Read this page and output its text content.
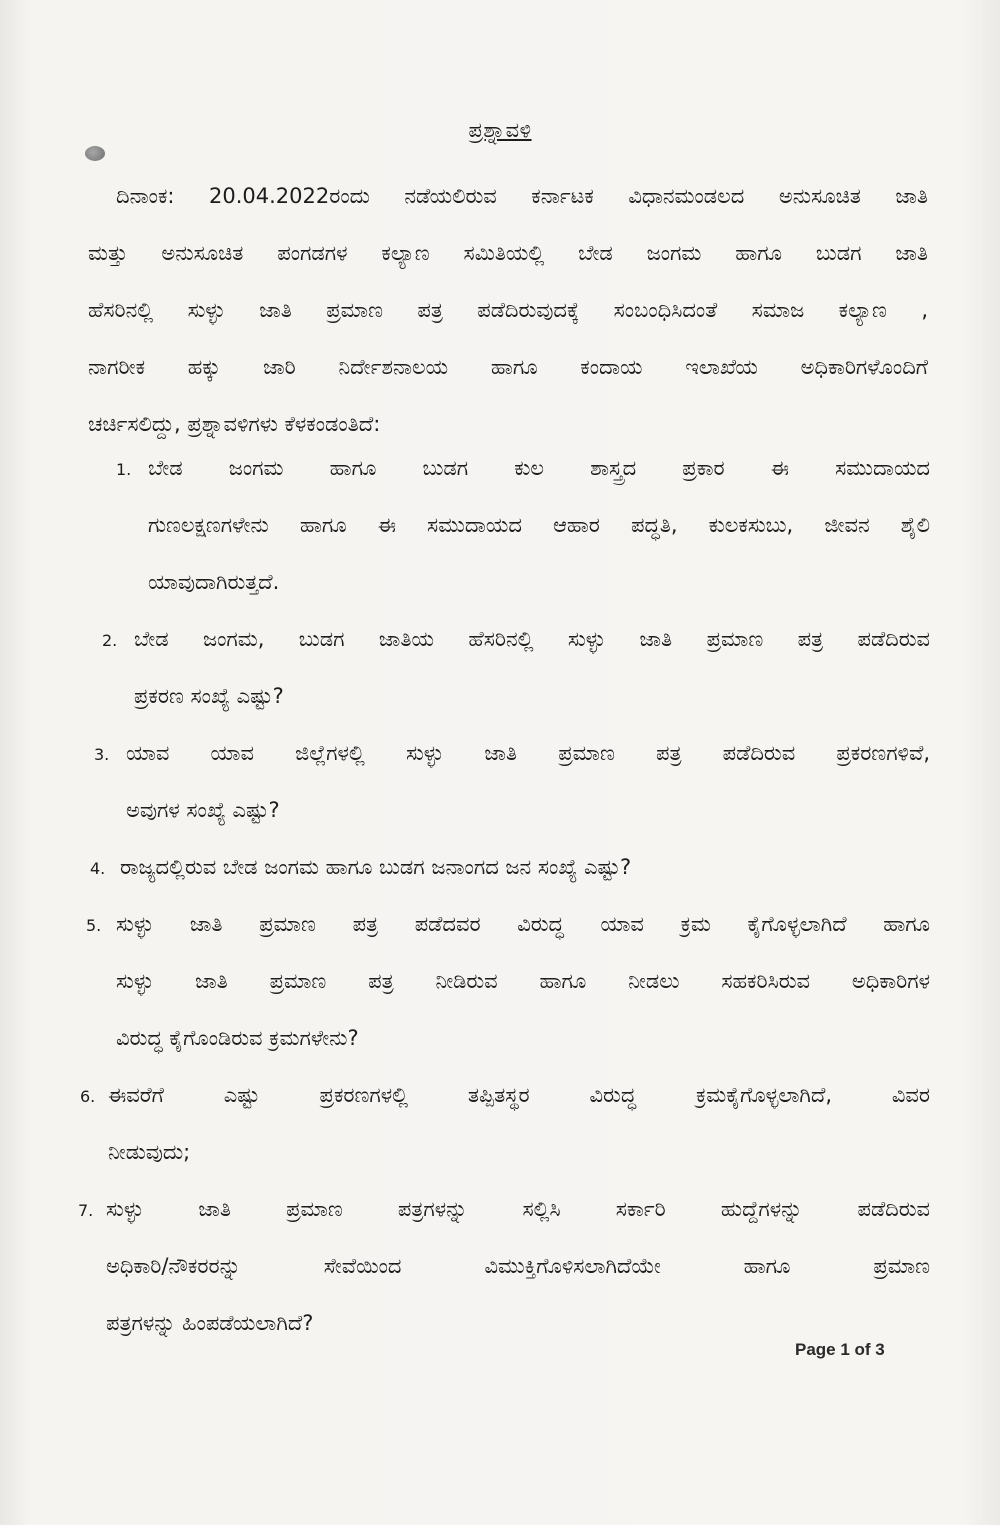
ಪ್ರಶ್ನಾವಳಿ
ದಿನಾಂಕ: 20.04.2022ರಂದು ನಡೆಯಲಿರುವ ಕರ್ನಾಟಕ ವಿಧಾನಮಂಡಲದ ಅನುಸೂಚಿತ ಜಾತಿ
ಮತ್ತು ಅನುಸೂಚಿತ ಪಂಗಡಗಳ ಕಲ್ಯಾಣ ಸಮಿತಿಯಲ್ಲಿ ಬೇಡ ಜಂಗಮ ಹಾಗೂ ಬುಡಗ ಜಾತಿ
ಹೆಸರಿನಲ್ಲಿ ಸುಳ್ಳು ಜಾತಿ ಪ್ರಮಾಣ ಪತ್ರ ಪಡೆದಿರುವುದಕ್ಕೆ ಸಂಬಂಧಿಸಿದಂತೆ ಸಮಾಜ ಕಲ್ಯಾಣ ,
ನಾಗರೀಕ ಹಕ್ಕು ಜಾರಿ ನಿರ್ದೇಶನಾಲಯ ಹಾಗೂ ಕಂದಾಯ ಇಲಾಖೆಯ ಅಧಿಕಾರಿಗಳೊಂದಿಗೆ
ಚರ್ಚಿಸಲಿದ್ದು, ಪ್ರಶ್ನಾವಳಿಗಳು ಕೆಳಕಂಡಂತಿದೆ:
1. ಬೇಡ ಜಂಗಮ ಹಾಗೂ ಬುಡಗ ಕುಲ ಶಾಸ್ತ್ರದ ಪ್ರಕಾರ ಈ ಸಮುದಾಯದ
ಗುಣಲಕ್ಷಣಗಳೇನು ಹಾಗೂ ಈ ಸಮುದಾಯದ ಆಹಾರ ಪದ್ಧತಿ, ಕುಲಕಸುಬು, ಜೀವನ ಶೈಲಿ
ಯಾವುದಾಗಿರುತ್ತದೆ.
2. ಬೇಡ ಜಂಗಮ, ಬುಡಗ ಜಾತಿಯ ಹೆಸರಿನಲ್ಲಿ ಸುಳ್ಳು ಜಾತಿ ಪ್ರಮಾಣ ಪತ್ರ ಪಡೆದಿರುವ
ಪ್ರಕರಣ ಸಂಖ್ಯೆ ಎಷ್ಟು?
3. ಯಾವ ಯಾವ ಜಿಲ್ಲೆಗಳಲ್ಲಿ ಸುಳ್ಳು ಜಾತಿ ಪ್ರಮಾಣ ಪತ್ರ ಪಡೆದಿರುವ ಪ್ರಕರಣಗಳಿವೆ,
ಅವುಗಳ ಸಂಖ್ಯೆ ಎಷ್ಟು?
4. ರಾಜ್ಯದಲ್ಲಿರುವ ಬೇಡ ಜಂಗಮ ಹಾಗೂ ಬುಡಗ ಜನಾಂಗದ ಜನ ಸಂಖ್ಯೆ ಎಷ್ಟು?
5. ಸುಳ್ಳು ಜಾತಿ ಪ್ರಮಾಣ ಪತ್ರ ಪಡೆದವರ ವಿರುದ್ಧ ಯಾವ ಕ್ರಮ ಕೈಗೊಳ್ಳಲಾಗಿದೆ ಹಾಗೂ
ಸುಳ್ಳು ಜಾತಿ ಪ್ರಮಾಣ ಪತ್ರ ನೀಡಿರುವ ಹಾಗೂ ನೀಡಲು ಸಹಕರಿಸಿರುವ ಅಧಿಕಾರಿಗಳ
ವಿರುದ್ಧ ಕೈಗೊಂಡಿರುವ ಕ್ರಮಗಳೇನು?
6. ಈವರೆಗೆ ಎಷ್ಟು ಪ್ರಕರಣಗಳಲ್ಲಿ ತಪ್ಪಿತಸ್ಥರ ವಿರುದ್ಧ ಕ್ರಮಕೈಗೊಳ್ಳಲಾಗಿದೆ, ವಿವರ
ನೀಡುವುದು;
7. ಸುಳ್ಳು ಜಾತಿ ಪ್ರಮಾಣ ಪತ್ರಗಳನ್ನು ಸಲ್ಲಿಸಿ ಸರ್ಕಾರಿ ಹುದ್ದೆಗಳನ್ನು ಪಡೆದಿರುವ
ಅಧಿಕಾರಿ/ನೌಕರರನ್ನು ಸೇವೆಯಿಂದ ವಿಮುಕ್ತಿಗೊಳಿಸಲಾಗಿದೆಯೇ ಹಾಗೂ ಪ್ರಮಾಣ
ಪತ್ರಗಳನ್ನು ಹಿಂಪಡೆಯಲಾಗಿದೆ?
Page 1 of 3
